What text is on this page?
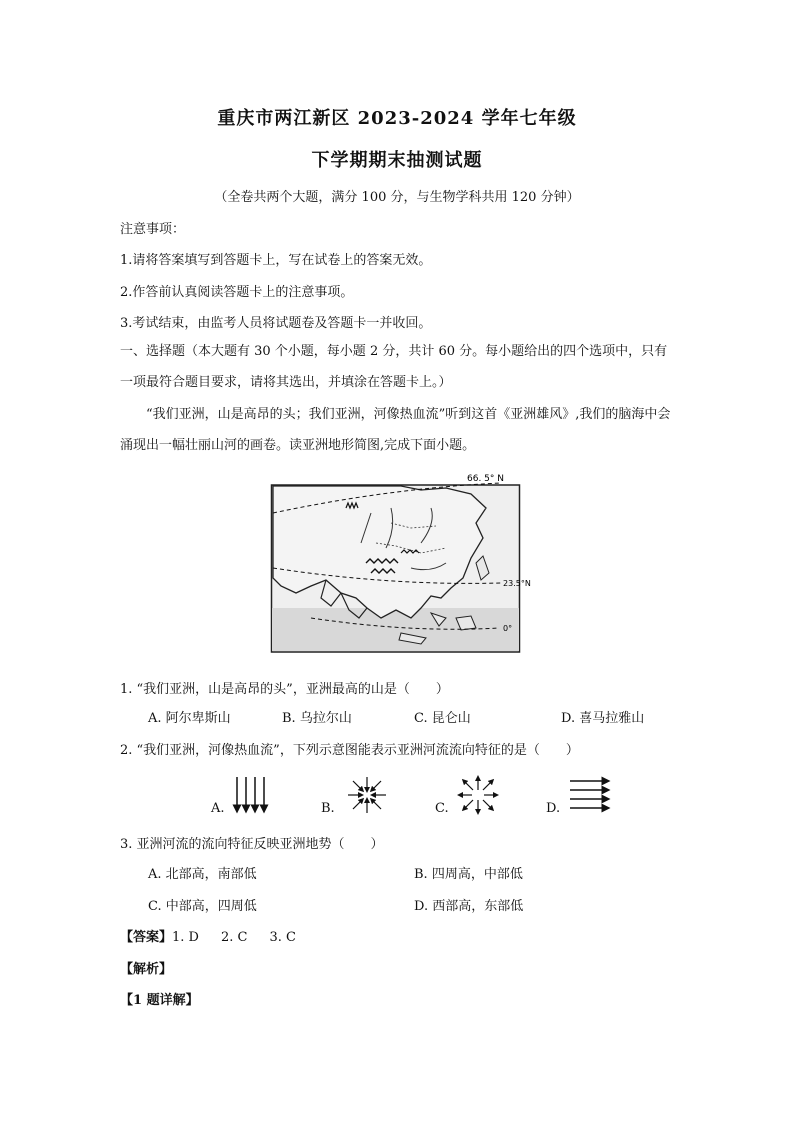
重庆市两江新区 2023-2024 学年七年级
下学期期末抽测试题
（全卷共两个大题，满分 100 分，与生物学科共用 120 分钟）
注意事项：
1.请将答案填写到答题卡上，写在试卷上的答案无效。
2.作答前认真阅读答题卡上的注意事项。
3.考试结束，由监考人员将试题卷及答题卡一并收回。
一、选择题（本大题有 30 个小题，每小题 2 分，共计 60 分。每小题给出的四个选项中，只有一项最符合题目要求，请将其选出，并填涂在答题卡上。）
“我们亚洲，山是高昂的头；我们亚洲，河像热血流”听到这首《亚洲雄风》,我们的脑海中会涌现出一幅壮丽山河的画卷。读亚洲地形简图,完成下面小题。
66. 5° N
23.5°N
0°
1. “我们亚洲，山是高昂的头”，亚洲最高的山是（　　）
A. 阿尔卑斯山	B. 乌拉尔山	C. 昆仑山	D. 喜马拉雅山
2. “我们亚洲，河像热血流”，下列示意图能表示亚洲河流流向特征的是（　　）
A.	B.	C.	D.
3. 亚洲河流的流向特征反映亚洲地势（　　）
A. 北部高，南部低	B. 四周高，中部低
C. 中部高，四周低	D. 西部高，东部低
【答案】1. D 2. C 3. C
【解析】
【1 题详解】
